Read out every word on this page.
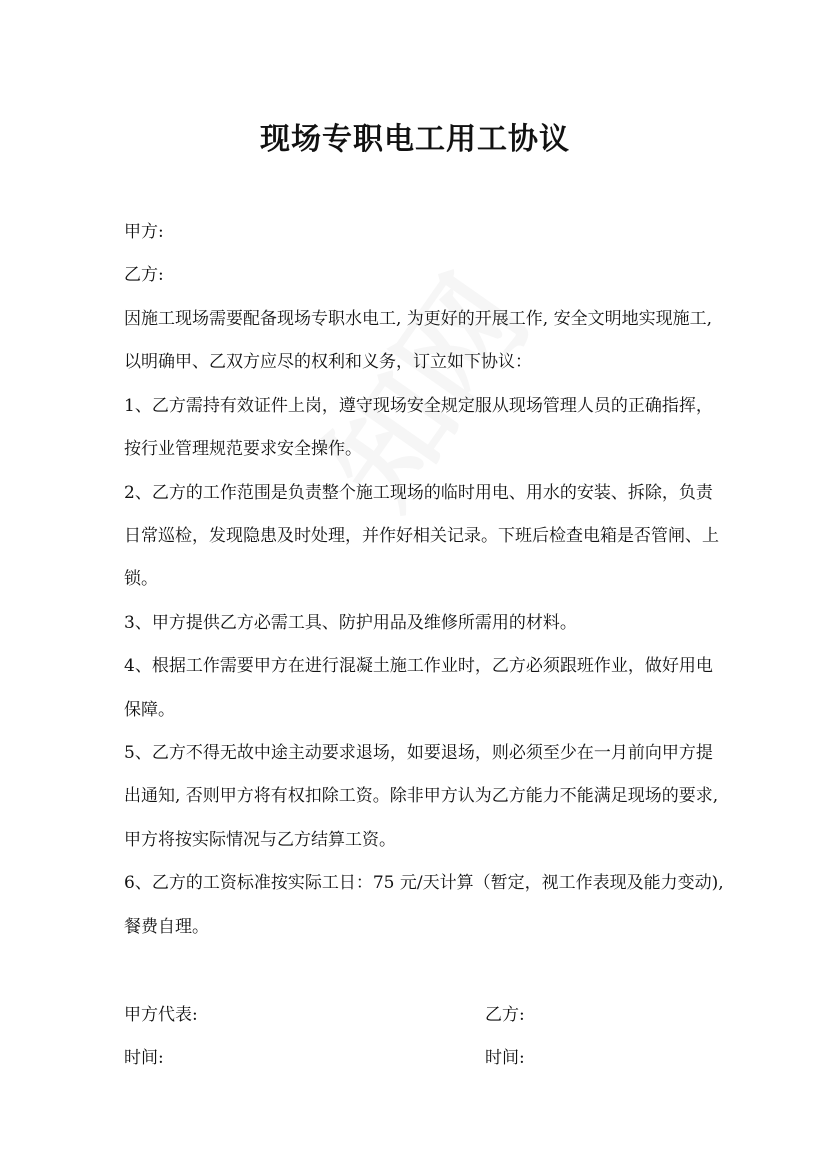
现场专职电工用工协议
甲方:
乙方:
因施工现场需要配备现场专职水电工, 为更好的开展工作, 安全文明地实现施工,
以明确甲、乙双方应尽的权利和义务，订立如下协议：
1、乙方需持有效证件上岗，遵守现场安全规定服从现场管理人员的正确指挥，
按行业管理规范要求安全操作。
2、乙方的工作范围是负责整个施工现场的临时用电、用水的安装、拆除，负责
日常巡检，发现隐患及时处理，并作好相关记录。下班后检查电箱是否管闸、上
锁。
3、甲方提供乙方必需工具、防护用品及维修所需用的材料。
4、根据工作需要甲方在进行混凝土施工作业时，乙方必须跟班作业，做好用电
保障。
5、乙方不得无故中途主动要求退场，如要退场，则必须至少在一月前向甲方提
出通知, 否则甲方将有权扣除工资。除非甲方认为乙方能力不能满足现场的要求,
甲方将按实际情况与乙方结算工资。
6、乙方的工资标准按实际工日：75 元/天计算（暂定，视工作表现及能力变动),
餐费自理。
甲方代表:	乙方:
时间:	时间:
